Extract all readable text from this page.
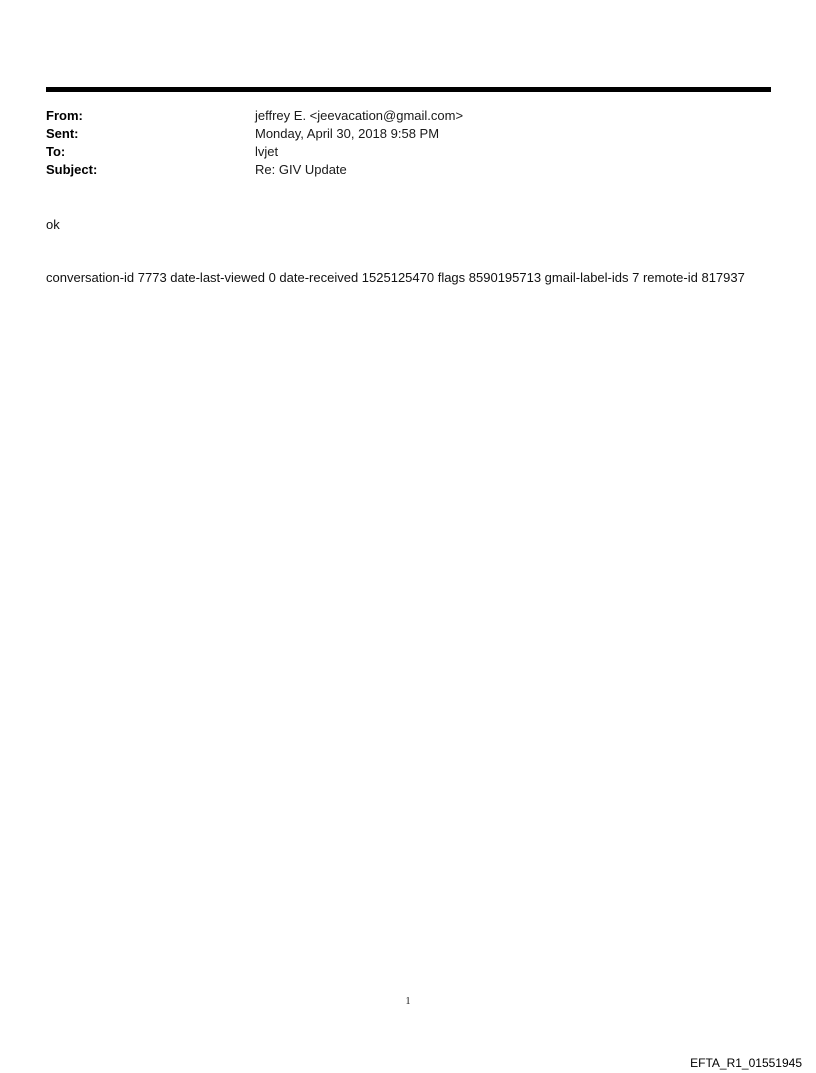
From:	jeffrey E. <jeevacation@gmail.com>
Sent:	Monday, April 30, 2018 9:58 PM
To:	lvjet
Subject:	Re: GIV Update
ok
conversation-id 7773 date-last-viewed 0 date-received 1525125470 flags 8590195713 gmail-label-ids 7 remote-id 817937
1
EFTA_R1_01551945
